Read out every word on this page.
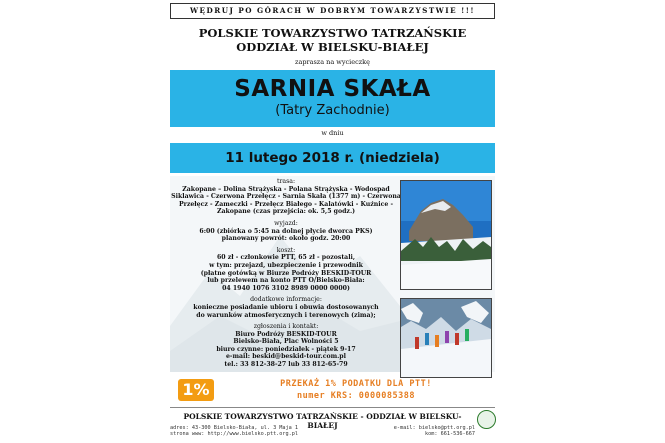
WĘDRUJ PO GÓRACH W DOBRYM TOWARZYSTWIE !!!
POLSKIE TOWARZYSTWO TATRZAŃSKIE
ODDZIAŁ W BIELSKU-BIAŁEJ
zaprasza na wycieczkę
SARNIA SKAŁA
(Tatry Zachodnie)
w dniu
11 lutego 2018 r. (niedziela)
trasa:
Zakopane – Dolina Strążyska - Polana Strążyska - Wodospad Siklawica - Czerwona Przełęcz - Sarnia Skała (1377 m) - Czerwona Przełęcz - Zameczki - Przełęcz Białego - Kalatówki - Kuźnice - Zakopane (czas przejścia: ok. 5,5 godz.)
wyjazd:
6:00 (zbiórka o 5:45 na dolnej płycie dworca PKS)
planowany powrót: około godz. 20:00
koszt:
60 zł - członkowie PTT, 65 zł - pozostali,
w tym: przejazd, ubezpieczenie i przewodnik
(płatne gotówką w Biurze Podróży BESKID-TOUR
lub przelewem na konto PTT O/Bielsko-Biała:
04 1940 1076 3102 8989 0000 0000)
dodatkowe informacje:
konieczne posiadanie ubioru i obuwia dostosowanych
do warunków atmosferycznych i terenowych (zima);
zgłoszenia i kontakt:
Biuro Podróży BESKID-TOUR
Bielsko-Biała, Plac Wolności 5
biuro czynne: poniedziałek - piątek 9-17
e-mail: beskid@beskid-tour.com.pl
tel.: 33 812-38-27 lub 33 812-65-79
1%	PRZEKAŻ 1% PODATKU DLA PTT!
numer KRS: 0000085388
POLSKIE TOWARZYSTWO TATRZAŃSKIE - ODDZIAŁ W BIELSKU-BIAŁEJ
adres: 43-300 Bielsko-Biała, ul. 3 Maja 1	e-mail: bielsko@ptt.org.pl
strona www: http://www.bielsko.ptt.org.pl	kom: 661-536-667
